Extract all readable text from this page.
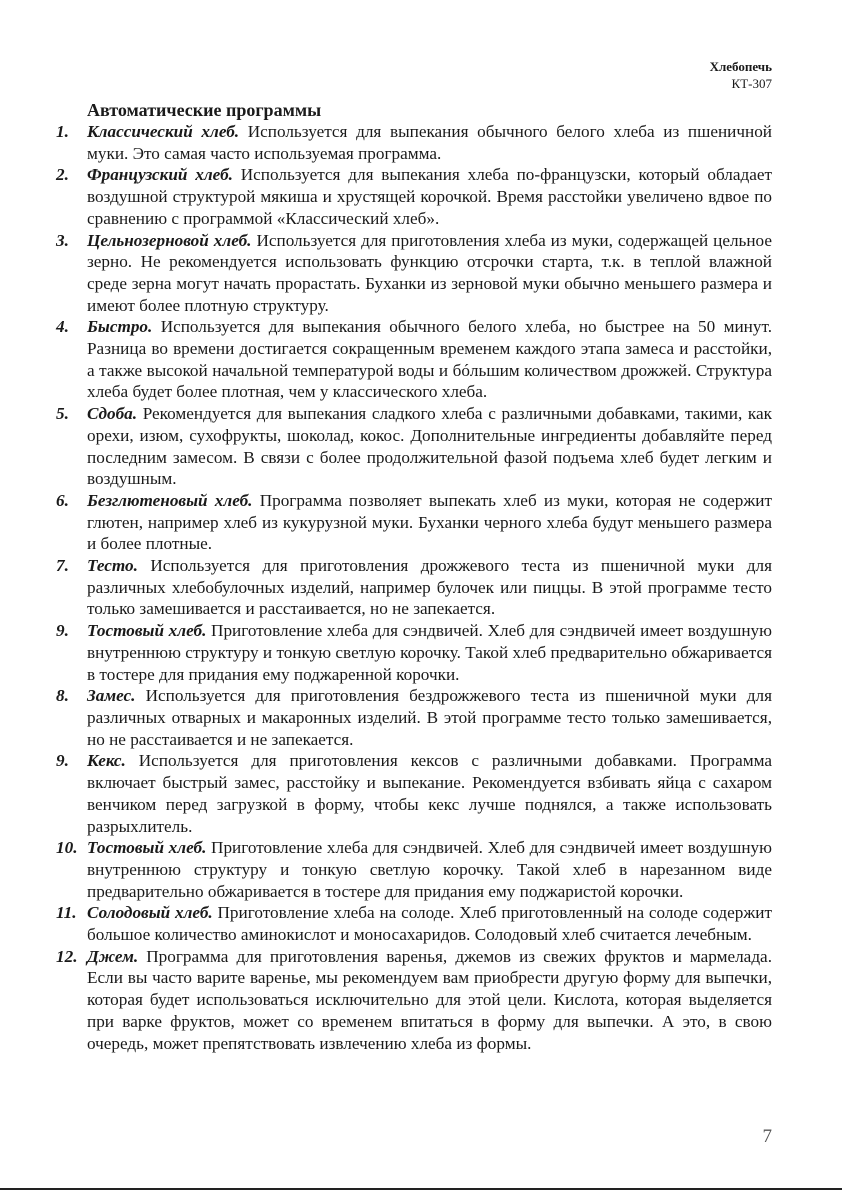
Хлебопечь
КТ-307
Автоматические программы
1.	Классический хлеб. Используется для выпекания обычного белого хлеба из пшеничной муки. Это самая часто используемая программа.
2.	Французский хлеб. Используется для выпекания хлеба по-французски, который обладает воздушной структурой мякиша и хрустящей корочкой. Время расстойки увеличено вдвое по сравнению с программой «Классический хлеб».
3.	Цельнозерновой хлеб. Используется для приготовления хлеба из муки, содержащей цельное зерно. Не рекомендуется использовать функцию отсрочки старта, т.к. в теплой влажной среде зерна могут начать прорастать. Буханки из зерновой муки обычно меньшего размера и имеют более плотную структуру.
4.	Быстро. Используется для выпекания обычного белого хлеба, но быстрее на 50 минут. Разница во времени достигается сокращенным временем каждого этапа замеса и расстойки, а также высокой начальной температурой воды и бóльшим количеством дрожжей. Структура хлеба будет более плотная, чем у классического хлеба.
5.	Сдоба. Рекомендуется для выпекания сладкого хлеба с различными добавками, такими, как орехи, изюм, сухофрукты, шоколад, кокос. Дополнительные ингредиенты добавляйте перед последним замесом. В связи с более продолжительной фазой подъема хлеб будет легким и воздушным.
6.	Безглютеновый хлеб. Программа позволяет выпекать хлеб из муки, которая не содержит глютен, например хлеб из кукурузной муки. Буханки черного хлеба будут меньшего размера и более плотные.
7.	Тесто. Используется для приготовления дрожжевого теста из пшеничной муки для различных хлебобулочных изделий, например булочек или пиццы. В этой программе тесто только замешивается и расстаивается, но не запекается.
9.	Тостовый хлеб. Приготовление хлеба для сэндвичей. Хлеб для сэндвичей имеет воздушную внутреннюю структуру и тонкую светлую корочку. Такой хлеб предварительно обжаривается в тостере для придания ему поджаренной корочки.
8.	Замес. Используется для приготовления бездрожжевого теста из пшеничной муки для различных отварных и макаронных изделий. В этой программе тесто только замешивается, но не расстаивается и не запекается.
9.	Кекс. Используется для приготовления кексов с различными добавками. Программа включает быстрый замес, расстойку и выпекание. Рекомендуется взбивать яйца с сахаром венчиком перед загрузкой в форму, чтобы кекс лучше поднялся, а также использовать разрыхлитель.
10. Тостовый хлеб. Приготовление хлеба для сэндвичей. Хлеб для сэндвичей имеет воздушную внутреннюю структуру и тонкую светлую корочку. Такой хлеб в нарезанном виде предварительно обжаривается в тостере для придания ему поджаристой корочки.
11. Солодовый хлеб. Приготовление хлеба на солоде. Хлеб приготовленный на солоде содержит большое количество аминокислот и моносахаридов. Солодовый хлеб считается лечебным.
12. Джем. Программа для приготовления варенья, джемов из свежих фруктов и мармелада. Если вы часто варите варенье, мы рекомендуем вам приобрести другую форму для выпечки, которая будет использоваться исключительно для этой цели. Кислота, которая выделяется при варке фруктов, может со временем впитаться в форму для выпечки. А это, в свою очередь, может препятствовать извлечению хлеба из формы.
7
